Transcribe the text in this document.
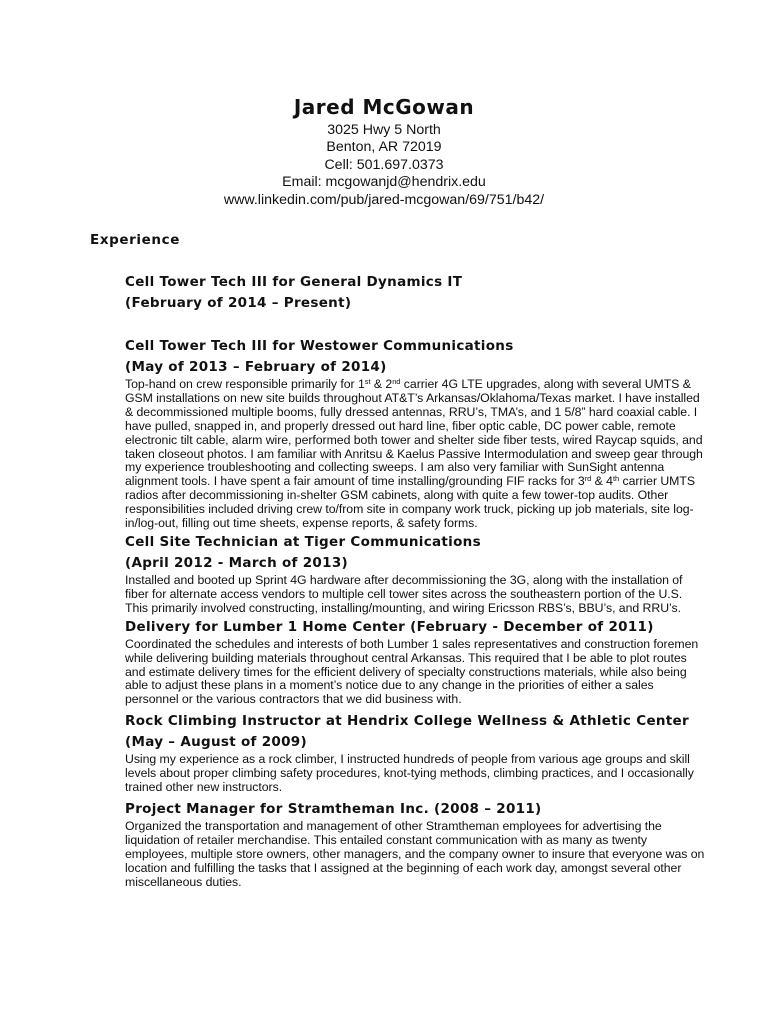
Jared McGowan
3025 Hwy 5 North
Benton, AR 72019
Cell: 501.697.0373
Email: mcgowanjd@hendrix.edu
www.linkedin.com/pub/jared-mcgowan/69/751/b42/
Experience
Cell Tower Tech III for General Dynamics IT
(February of 2014 – Present)
Cell Tower Tech III for Westower Communications
(May of 2013 – February of 2014)
Top-hand on crew responsible primarily for 1st & 2nd carrier 4G LTE upgrades, along with several UMTS &
GSM installations on new site builds throughout AT&T’s Arkansas/Oklahoma/Texas market. I have installed
& decommissioned multiple booms, fully dressed antennas, RRU’s, TMA’s, and 1 5/8” hard coaxial cable. I
have pulled, snapped in, and properly dressed out hard line, fiber optic cable, DC power cable, remote
electronic tilt cable, alarm wire, performed both tower and shelter side fiber tests, wired Raycap squids, and
taken closeout photos. I am familiar with Anritsu & Kaelus Passive Intermodulation and sweep gear through
my experience troubleshooting and collecting sweeps. I am also very familiar with SunSight antenna
alignment tools. I have spent a fair amount of time installing/grounding FIF racks for 3rd & 4th carrier UMTS
radios after decommissioning in-shelter GSM cabinets, along with quite a few tower-top audits. Other
responsibilities included driving crew to/from site in company work truck, picking up job materials, site log-
in/log-out, filling out time sheets, expense reports, & safety forms.
Cell Site Technician at Tiger Communications
(April 2012 - March of 2013)
Installed and booted up Sprint 4G hardware after decommissioning the 3G, along with the installation of
fiber for alternate access vendors to multiple cell tower sites across the southeastern portion of the U.S.
This primarily involved constructing, installing/mounting, and wiring Ericsson RBS’s, BBU’s, and RRU’s.
Delivery for Lumber 1 Home Center (February - December of 2011)
Coordinated the schedules and interests of both Lumber 1 sales representatives and construction foremen
while delivering building materials throughout central Arkansas. This required that I be able to plot routes
and estimate delivery times for the efficient delivery of specialty constructions materials, while also being
able to adjust these plans in a moment’s notice due to any change in the priorities of either a sales
personnel or the various contractors that we did business with.
Rock Climbing Instructor at Hendrix College Wellness & Athletic Center
(May – August of 2009)
Using my experience as a rock climber, I instructed hundreds of people from various age groups and skill
levels about proper climbing safety procedures, knot-tying methods, climbing practices, and I occasionally
trained other new instructors.
Project Manager for Stramtheman Inc. (2008 – 2011)
Organized the transportation and management of other Stramtheman employees for advertising the
liquidation of retailer merchandise. This entailed constant communication with as many as twenty
employees, multiple store owners, other managers, and the company owner to insure that everyone was on
location and fulfilling the tasks that I assigned at the beginning of each work day, amongst several other
miscellaneous duties.
